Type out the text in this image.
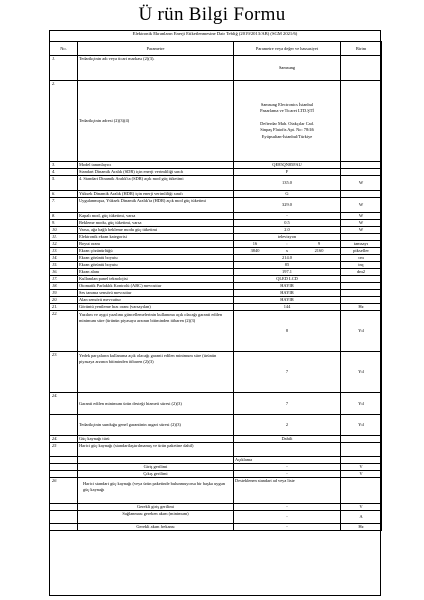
Ü rün Bilgi Formu
Elektronik Ekranların Enerji Etiketlenmesine Dair Tebliğ (2019/2013/AB) (SGM 2021/6)
No.	Parametre	Parametre veya değer ve hassasiyet	Birim
1.	Tedarikçinin adı veya ticari markası (2)(3).	Samsung	
2.	Tedarikçinin adresi (2)(3)(4)	Samsung Electronics İstanbul
Pazarlama ve Ticaret LTD.ŞTİ
Defterdar Mah. Otakçılar Cad.
Sinpaş Flatofis Apt. No: 78/46
Eyüpsultan-İstanbul/Türkiye	

3.	Model tanımlayıcı	QE85QN85FAU	
4.	Standart Dinamik Aralık (SDR) için enerji verimliliği sınıfı	F	
5.	4. Standart Dinamik Aralık'ta (SDR) açık mod güç tüketimi	135.0	W
6.	Yüksek Dinamik Aralık (HDR) için enerji verimliliği sınıfı	G	
7.	Uygulanmışsa, Yüksek Dinamik Aralık'ta (HDR) açık mod güç tüketimi	329.0	W
8.	Kapalı mod, güç tüketimi, varsa	-	W
9.	Bekleme modu, güç tüketimi, varsa	0.5	W
10.	Varsa, ağa bağlı bekleme modu güç tüketimi	2.0	W
11.	Elektronik ekran kategorisi	televizyon	
12.	Boyut oranı	16 : 9	tamsayı
13.	Ekran çözünürlüğü	3840 x 2160	pikseller
14.	Ekran görüntü boyutu	214.0	cm
15.	Ekran görüntü boyutu	85	inç
16.	Ekran alanı	197.1	dm2
17.	Kullanılan panel teknolojisi	QLED LCD	
18.	Otomatik Parlaklık Kontrolü (ABC) mevcuttur	HAYIR	
19.	Ses tanıma sensörü mevcuttur	HAYIR	
20.	Alan sensörü mevcuttur	HAYIR	
21.	Görüntü yenileme hızı oranı (varsayılan)	144	Hz
22.	Yazılım ve aygıt yazılımı güncellemelerinin kullanıma açık olacağı garanti edilen minimum süre (ürünün piyasaya arzının bitiminden itibaren (2)(3)	8	Yıl
23.	Yedek parçaların kullanıma açık olacağı garanti edilen minimum süre (ürünün piyasaya arzının bitiminden itibaren (2)(3)	7	Yıl
24.	Garanti edilen minimum ürün desteği hizmeti süresi (2)(3)	7	Yıl
	Tedarikçinin sunduğu genel garantinin asgari süresi (2)(3)	2	Yıl
24.	Güç kaynağı türü	Dahili	
25	Harici güç kaynağı (standartlaştırılmamış ve ürün paketine dahil)		
		Açıklama	
	Giriş gerilimi	-	V
	Çıkış gerilimi	-	V
26	Harici standart güç kaynağı (veya ürün paketinde bulunmuyorsa bir başka uygun güç kaynağı	Desteklenen standart ad veya liste	
	Gerekli giriş gerilimi	-	V
	Sağlanması gereken akım (minimum)	-	A
	Gerekli akım frekansı	-	Hz
